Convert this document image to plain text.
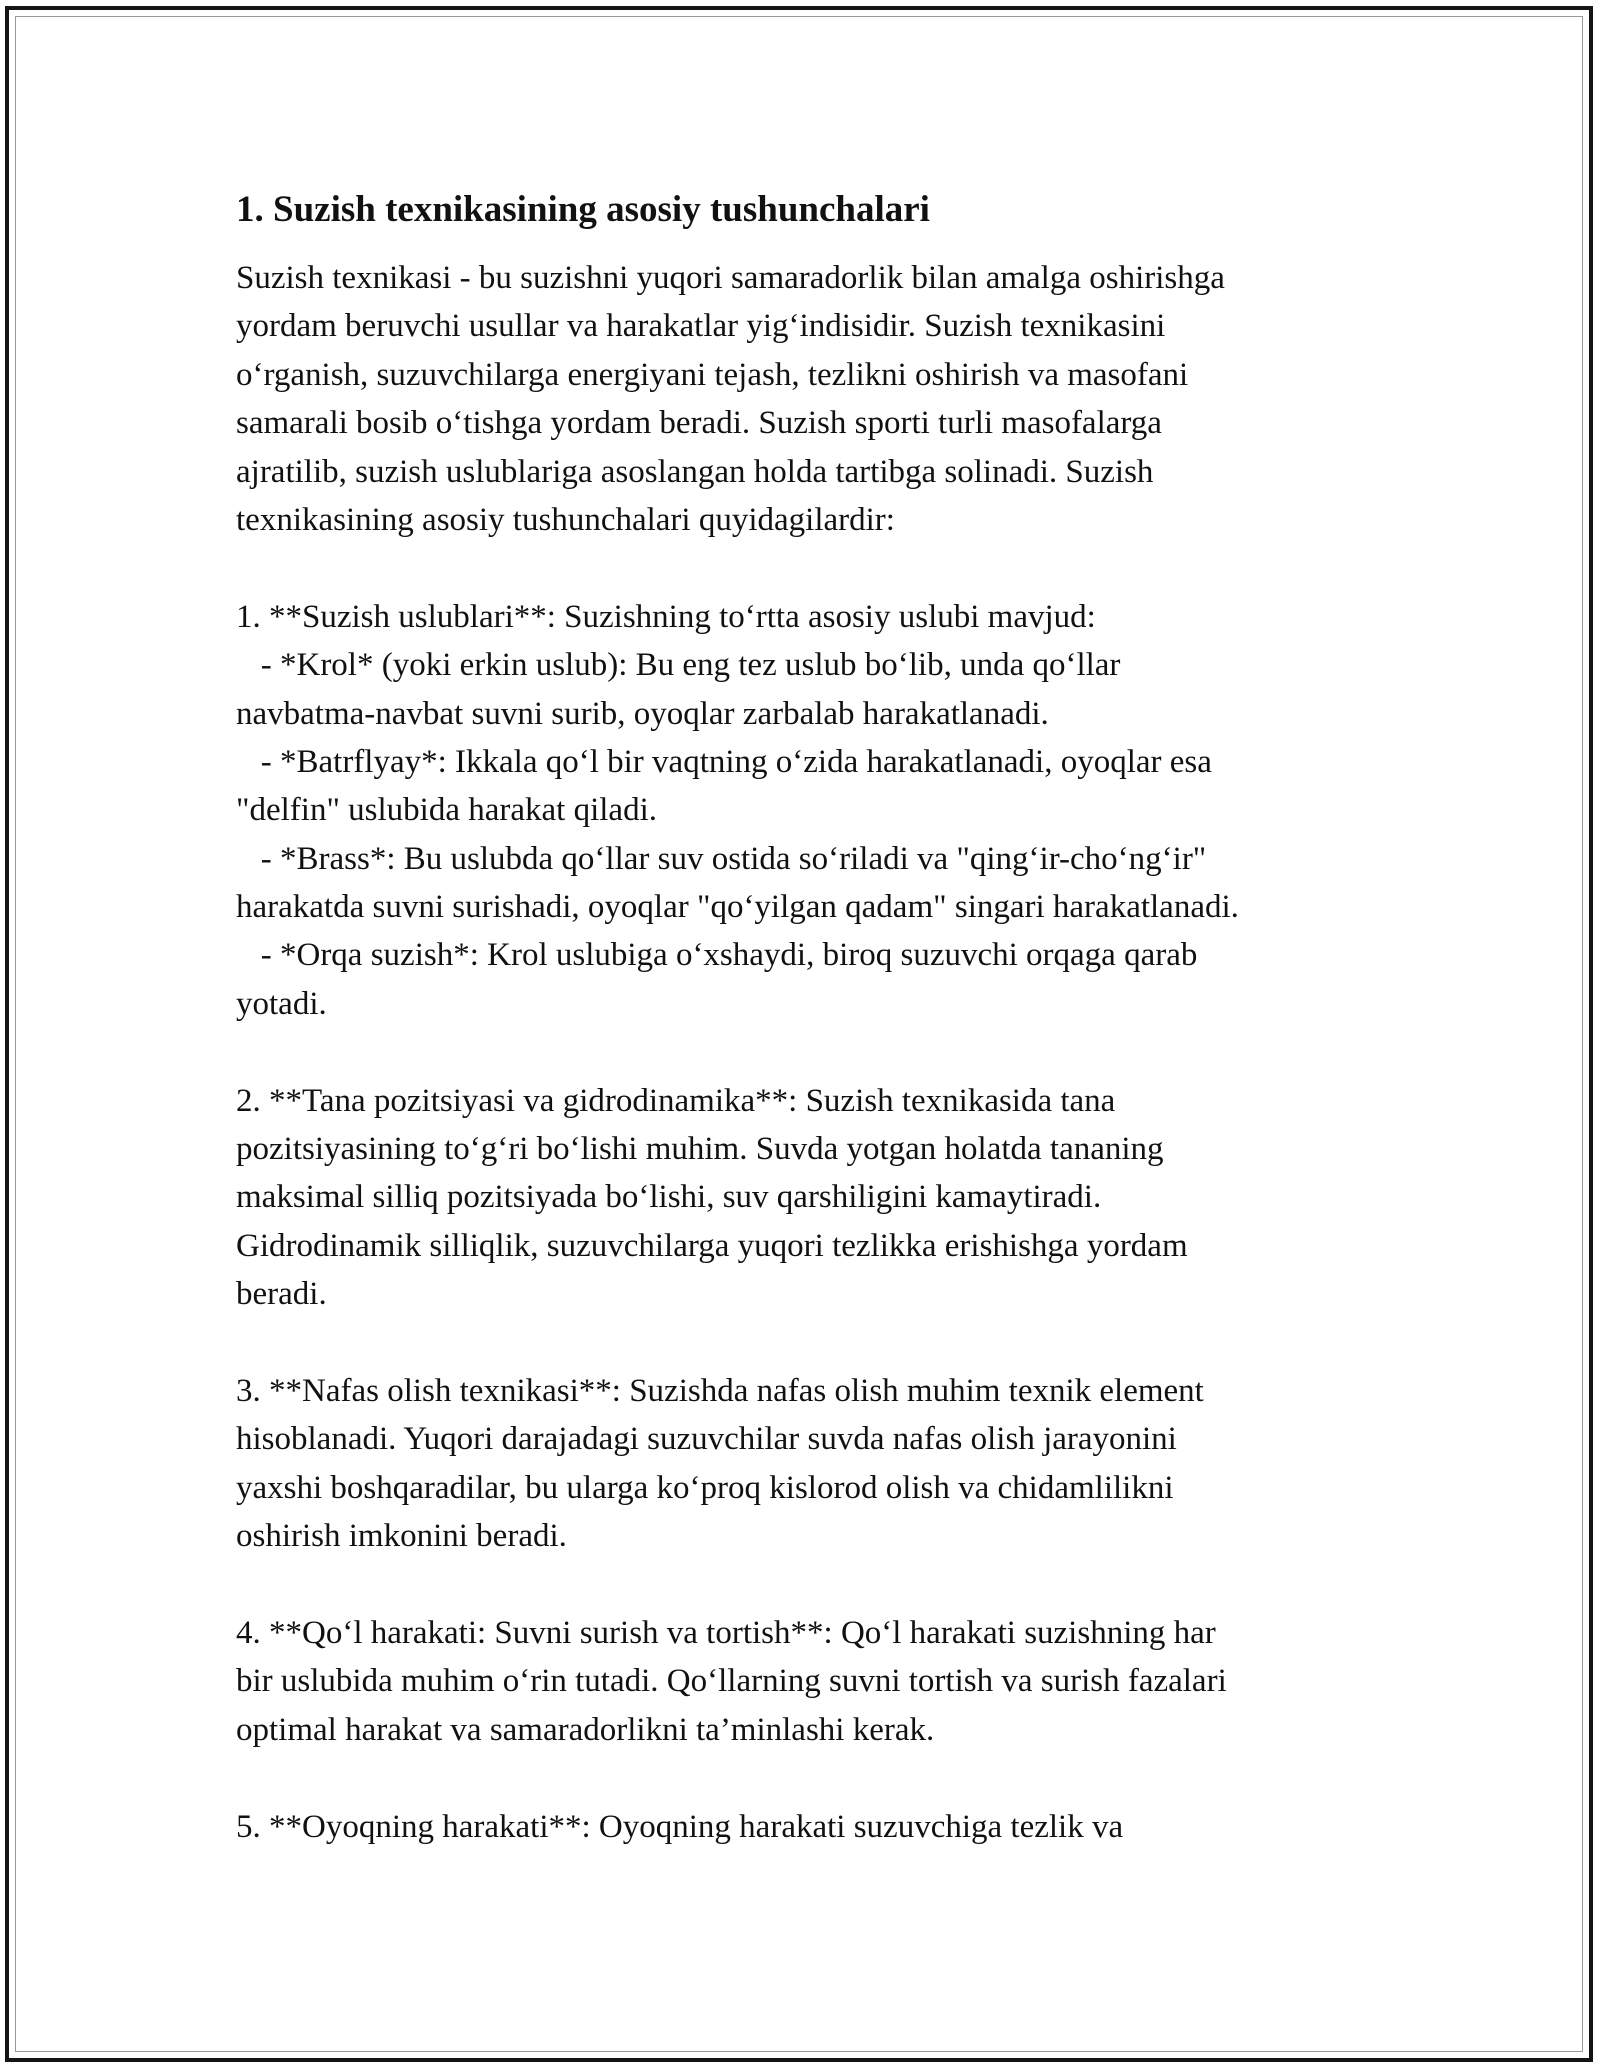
1. Suzish texnikasining asosiy tushunchalari
Suzish texnikasi - bu suzishni yuqori samaradorlik bilan amalga oshirishga
yordam beruvchi usullar va harakatlar yig‘indisidir. Suzish texnikasini
o‘rganish, suzuvchilarga energiyani tejash, tezlikni oshirish va masofani
samarali bosib o‘tishga yordam beradi. Suzish sporti turli masofalarga
ajratilib, suzish uslublariga asoslangan holda tartibga solinadi. Suzish
texnikasining asosiy tushunchalari quyidagilardir:
1. **Suzish uslublari**: Suzishning to‘rtta asosiy uslubi mavjud:
- *Krol* (yoki erkin uslub): Bu eng tez uslub bo‘lib, unda qo‘llar
navbatma-navbat suvni surib, oyoqlar zarbalab harakatlanadi.
- *Batrflyay*: Ikkala qo‘l bir vaqtning o‘zida harakatlanadi, oyoqlar esa
"delfin" uslubida harakat qiladi.
- *Brass*: Bu uslubda qo‘llar suv ostida so‘riladi va "qing‘ir-cho‘ng‘ir"
harakatda suvni surishadi, oyoqlar "qo‘yilgan qadam" singari harakatlanadi.
- *Orqa suzish*: Krol uslubiga o‘xshaydi, biroq suzuvchi orqaga qarab
yotadi.
2. **Tana pozitsiyasi va gidrodinamika**: Suzish texnikasida tana
pozitsiyasining to‘g‘ri bo‘lishi muhim. Suvda yotgan holatda tananing
maksimal silliq pozitsiyada bo‘lishi, suv qarshiligini kamaytiradi.
Gidrodinamik silliqlik, suzuvchilarga yuqori tezlikka erishishga yordam
beradi.
3. **Nafas olish texnikasi**: Suzishda nafas olish muhim texnik element
hisoblanadi. Yuqori darajadagi suzuvchilar suvda nafas olish jarayonini
yaxshi boshqaradilar, bu ularga ko‘proq kislorod olish va chidamlilikni
oshirish imkonini beradi.
4. **Qo‘l harakati: Suvni surish va tortish**: Qo‘l harakati suzishning har
bir uslubida muhim o‘rin tutadi. Qo‘llarning suvni tortish va surish fazalari
optimal harakat va samaradorlikni ta’minlashi kerak.
5. **Oyoqning harakati**: Oyoqning harakati suzuvchiga tezlik va
